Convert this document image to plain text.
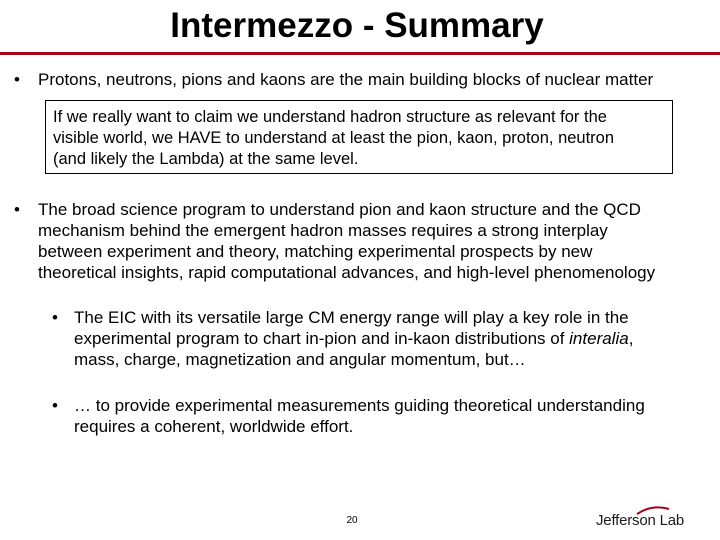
Intermezzo - Summary
• Protons, neutrons, pions and kaons are the main building blocks of nuclear matter
If we really want to claim we understand hadron structure as relevant for the
visible world, we HAVE to understand at least the pion, kaon, proton, neutron
(and likely the Lambda) at the same level.
• The broad science program to understand pion and kaon structure and the QCD
mechanism behind the emergent hadron masses requires a strong interplay
between experiment and theory, matching experimental prospects by new
theoretical insights, rapid computational advances, and high-level phenomenology
• The EIC with its versatile large CM energy range will play a key role in the
experimental program to chart in-pion and in-kaon distributions of interalia,
mass, charge, magnetization and angular momentum, but…
• … to provide experimental measurements guiding theoretical understanding
requires a coherent, worldwide effort.
20	Jefferson Lab
